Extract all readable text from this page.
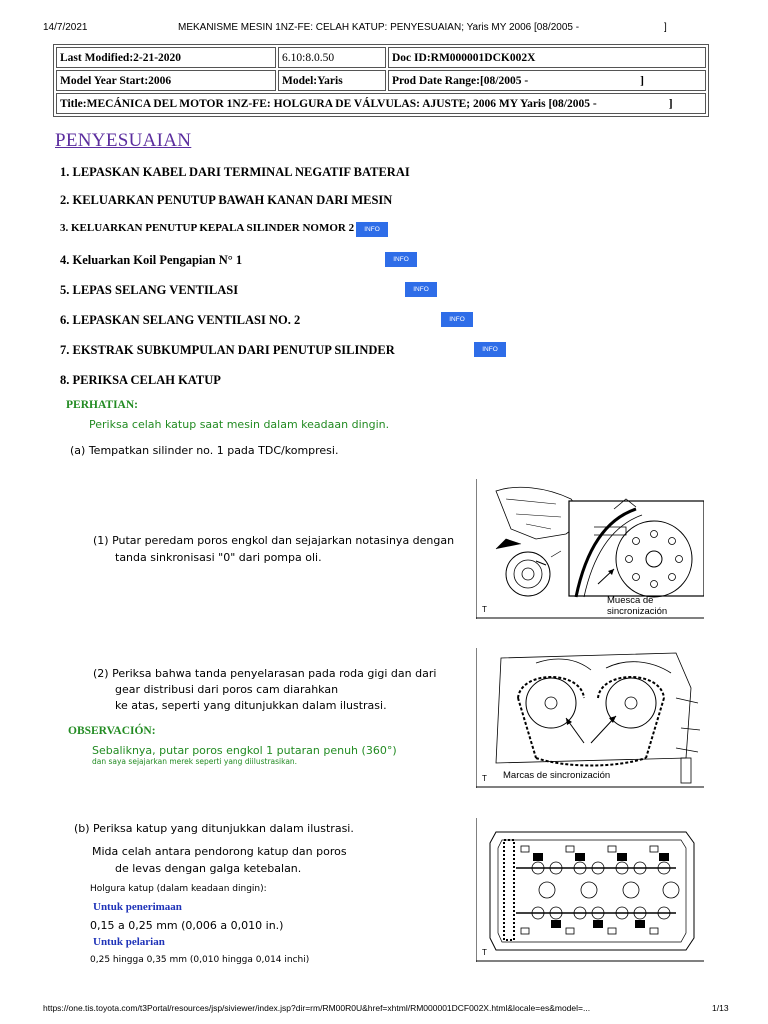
14/7/2021	MEKANISME MESIN 1NZ-FE: CELAH KATUP: PENYESUAIAN; Yaris MY 2006 [08/2005 -	]
Last Modified:2-21-2020	6.10:8.0.50	Doc ID:RM000001DCK002X
Model Year Start:2006	Model:Yaris	Prod Date Range:[08/2005 - ]
Title:MECÁNICA DEL MOTOR 1NZ-FE: HOLGURA DE VÁLVULAS: AJUSTE; 2006 MY Yaris [08/2005 - ]		
PENYESUAIAN
1. LEPASKAN KABEL DARI TERMINAL NEGATIF BATERAI
2. KELUARKAN PENUTUP BAWAH KANAN DARI MESIN
3. KELUARKAN PENUTUP KEPALA SILINDER NOMOR 2	INFO
4. Keluarkan Koil Pengapian N° 1	INFO
5. LEPAS SELANG VENTILASI	INFO
6. LEPASKAN SELANG VENTILASI NO. 2	INFO
7. EKSTRAK SUBKUMPULAN DARI PENUTUP SILINDER	INFO
8. PERIKSA CELAH KATUP
PERHATIAN:
Periksa celah katup saat mesin dalam keadaan dingin.
(a) Tempatkan silinder no. 1 pada TDC/kompresi.
(1) Putar peredam poros engkol dan sejajarkan notasinya dengan
tanda sinkronisasi "0" dari pompa oli.
Muesca de
sincronización
T
(2) Periksa bahwa tanda penyelarasan pada roda gigi dan dari
gear distribusi dari poros cam diarahkan
ke atas, seperti yang ditunjukkan dalam ilustrasi.
Marcas de sincronización
T
OBSERVACIÓN:
Sebaliknya, putar poros engkol 1 putaran penuh (360°)
dan saya sejajarkan merek seperti yang diilustrasikan.
(b) Periksa katup yang ditunjukkan dalam ilustrasi.
Mida celah antara pendorong katup dan poros
de levas dengan galga ketebalan.
Holgura katup (dalam keadaan dingin):
Untuk penerimaan
0,15 a 0,25 mm (0,006 a 0,010 in.)
Untuk pelarian
0,25 hingga 0,35 mm (0,010 hingga 0,014 inchi)
T
https://one.tis.toyota.com/t3Portal/resources/jsp/siviewer/index.jsp?dir=rm/RM00R0U&href=xhtml/RM000001DCF002X.html&locale=es&model=...	1/13
